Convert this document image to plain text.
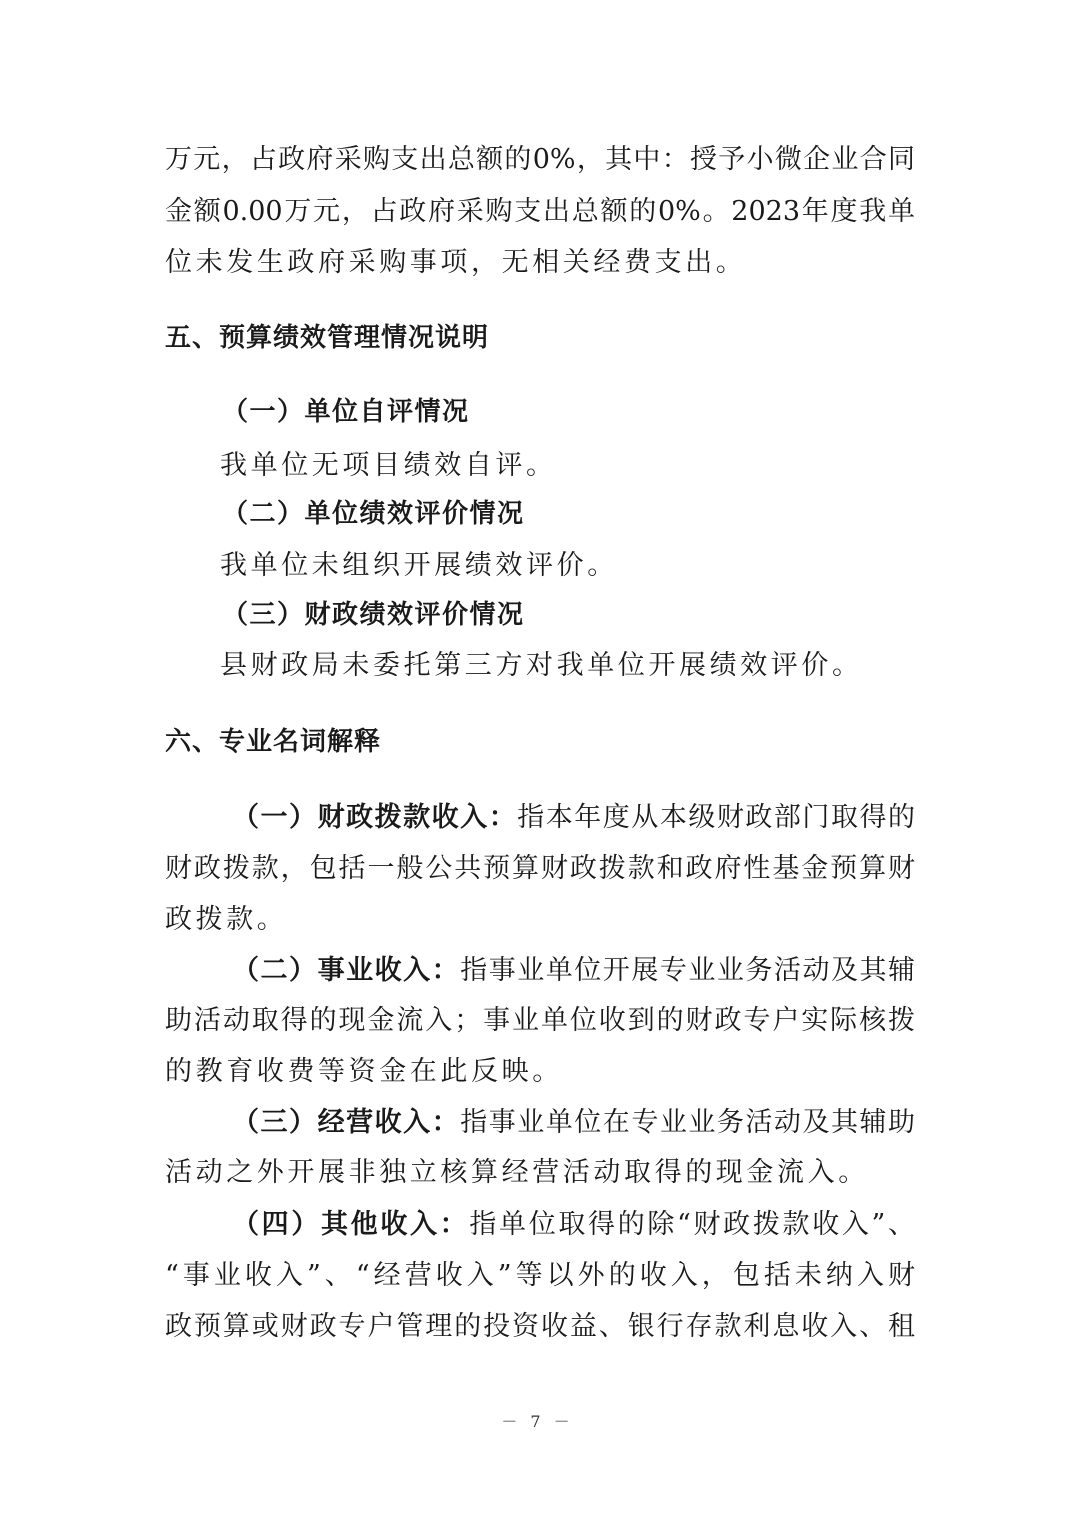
万元，占政府采购支出总额的0%，其中：授予小微企业合同
金额0.00万元，占政府采购支出总额的0%。2023年度我单
位未发生政府采购事项，无相关经费支出。
五、预算绩效管理情况说明
（一）单位自评情况
我单位无项目绩效自评。
（二）单位绩效评价情况
我单位未组织开展绩效评价。
（三）财政绩效评价情况
县财政局未委托第三方对我单位开展绩效评价。
六、专业名词解释
（一）财政拨款收入：指本年度从本级财政部门取得的
财政拨款，包括一般公共预算财政拨款和政府性基金预算财
政拨款。
（二）事业收入：指事业单位开展专业业务活动及其辅
助活动取得的现金流入；事业单位收到的财政专户实际核拨
的教育收费等资金在此反映。
（三）经营收入：指事业单位在专业业务活动及其辅助
活动之外开展非独立核算经营活动取得的现金流入。
（四）其他收入：指单位取得的除“财政拨款收入”、
“事业收入”、“经营收入”等以外的收入，包括未纳入财
政预算或财政专户管理的投资收益、银行存款利息收入、租
－ 7 －
